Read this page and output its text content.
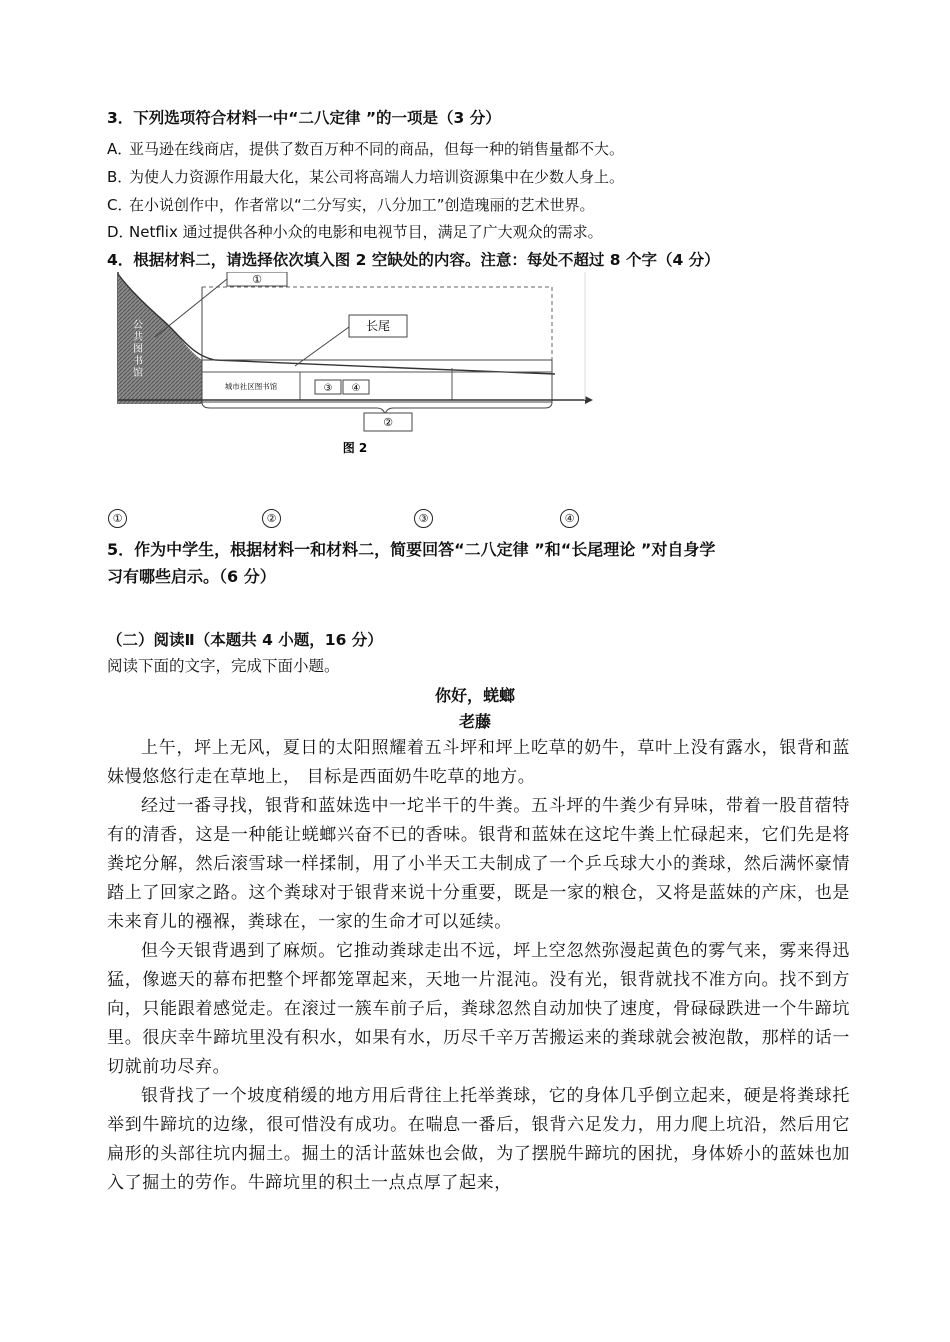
3．下列选项符合材料一中“二八定律 ”的一项是（3 分）
A．亚马逊在线商店，提供了数百万种不同的商品，但每一种的销售量都不大。
B．为使人力资源作用最大化，某公司将高端人力培训资源集中在少数人身上。
C．在小说创作中，作者常以“二分写实，八分加工”创造瑰丽的艺术世界。
D．Netflix 通过提供各种小众的电影和电视节目，满足了广大观众的需求。
4．根据材料二，请选择依次填入图 2 空缺处的内容。注意：每处不超过 8 个字（4 分）
①
长尾
公 共 图 书 馆
城市社区图书馆	③ ④
②
图 2
①	②	③	④
5．作为中学生，根据材料一和材料二，简要回答“二八定律 ”和“长尾理论 ”对自身学
习有哪些启示。（6 分）
（二）阅读Ⅱ（本题共 4 小题，16 分）
阅读下面的文字，完成下面小题。
你好，蜣螂
老藤

上午，坪上无风，夏日的太阳照耀着五斗坪和坪上吃草的奶牛，草叶上没有露水，银背和蓝妹慢悠悠行走在草地上， 目标是西面奶牛吃草的地方。

经过一番寻找，银背和蓝妹选中一坨半干的牛粪。五斗坪的牛粪少有异味，带着一股苜蓿特有的清香，这是一种能让蜣螂兴奋不已的香味。银背和蓝妹在这坨牛粪上忙碌起来，它们先是将粪坨分解，然后滚雪球一样揉制，用了小半天工夫制成了一个乒乓球大小的粪球，然后满怀豪情踏上了回家之路。这个粪球对于银背来说十分重要，既是一家的粮仓，又将是蓝妹的产床，也是未来育儿的襁褓，粪球在，一家的生命才可以延续。

但今天银背遇到了麻烦。它推动粪球走出不远，坪上空忽然弥漫起黄色的雾气来，雾来得迅猛，像遮天的幕布把整个坪都笼罩起来，天地一片混沌。没有光，银背就找不准方向。找不到方向，只能跟着感觉走。在滚过一簇车前子后，粪球忽然自动加快了速度，骨碌碌跌进一个牛蹄坑里。很庆幸牛蹄坑里没有积水，如果有水，历尽千辛万苦搬运来的粪球就会被泡散，那样的话一切就前功尽弃。

银背找了一个坡度稍缓的地方用后背往上托举粪球，它的身体几乎倒立起来，硬是将粪球托举到牛蹄坑的边缘，很可惜没有成功。在喘息一番后，银背六足发力，用力爬上坑沿，然后用它扁形的头部往坑内掘土。掘土的活计蓝妹也会做，为了摆脱牛蹄坑的困扰，身体娇小的蓝妹也加入了掘土的劳作。牛蹄坑里的积土一点点厚了起来，
